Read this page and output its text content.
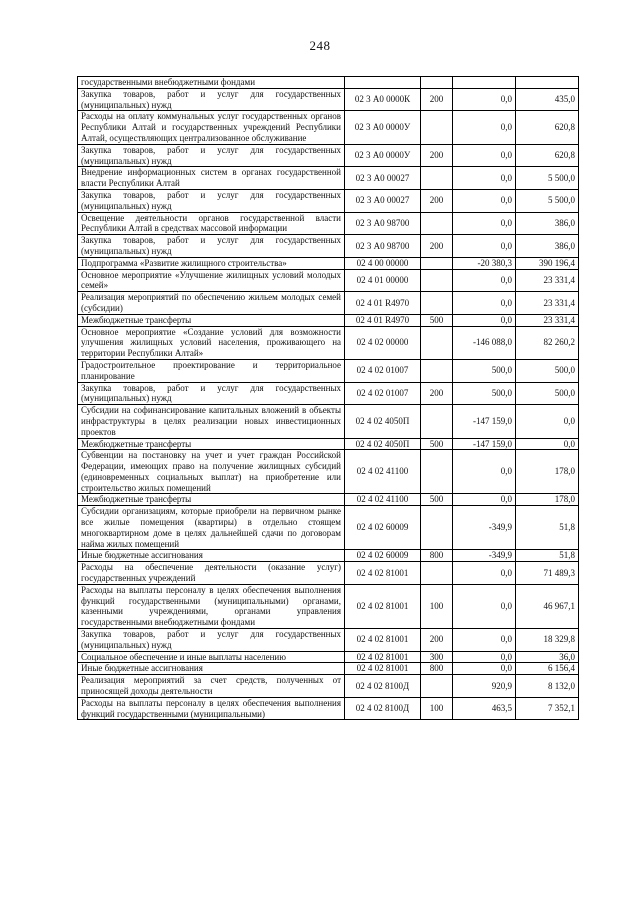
248
государственными внебюджетными фондами				
Закупка товаров, работ и услуг для государственных (муниципальных) нужд	02 3 А0 0000К	200	0,0	435,0
Расходы на оплату коммунальных услуг государственных органов Республики Алтай и государственных учреждений Республики Алтай, осуществляющих централизованное обслуживание	02 3 А0 0000У		0,0	620,8
Закупка товаров, работ и услуг для государственных (муниципальных) нужд	02 3 А0 0000У	200	0,0	620,8
Внедрение информационных систем в органах государственной власти Республики Алтай	02 3 А0 00027		0,0	5 500,0
Закупка товаров, работ и услуг для государственных (муниципальных) нужд	02 3 А0 00027	200	0,0	5 500,0
Освещение деятельности органов государственной власти Республики Алтай в средствах массовой информации	02 3 А0 98700		0,0	386,0
Закупка товаров, работ и услуг для государственных (муниципальных) нужд	02 3 А0 98700	200	0,0	386,0
Подпрограмма «Развитие жилищного строительства»	02 4 00 00000		-20 380,3	390 196,4
Основное мероприятие «Улучшение жилищных условий молодых семей»	02 4 01 00000		0,0	23 331,4
Реализация мероприятий по обеспечению жильем молодых семей (субсидии)	02 4 01 R4970		0,0	23 331,4
Межбюджетные трансферты	02 4 01 R4970	500	0,0	23 331,4
Основное мероприятие «Создание условий для возможности улучшения жилищных условий населения, проживающего на территории Республики Алтай»	02 4 02 00000		-146 088,0	82 260,2
Градостроительное проектирование и территориальное планирование	02 4 02 01007		500,0	500,0
Закупка товаров, работ и услуг для государственных (муниципальных) нужд	02 4 02 01007	200	500,0	500,0
Субсидии на софинансирование капитальных вложений в объекты инфраструктуры в целях реализации новых инвестиционных проектов	02 4 02 4050П		-147 159,0	0,0
Межбюджетные трансферты	02 4 02 4050П	500	-147 159,0	0,0
Субвенции на постановку на учет и учет граждан Российской Федерации, имеющих право на получение жилищных субсидий (единовременных социальных выплат) на приобретение или строительство жилых помещений	02 4 02 41100		0,0	178,0
Межбюджетные трансферты	02 4 02 41100	500	0,0	178,0
Субсидии организациям, которые приобрели на первичном рынке все жилые помещения (квартиры) в отдельно стоящем многоквартирном доме в целях дальнейшей сдачи по договорам найма жилых помещений	02 4 02 60009		-349,9	51,8
Иные бюджетные ассигнования	02 4 02 60009	800	-349,9	51,8
Расходы на обеспечение деятельности (оказание услуг) государственных учреждений	02 4 02 81001		0,0	71 489,3
Расходы на выплаты персоналу в целях обеспечения выполнения функций государственными (муниципальными) органами, казенными учреждениями, органами управления государственными внебюджетными фондами	02 4 02 81001	100	0,0	46 967,1
Закупка товаров, работ и услуг для государственных (муниципальных) нужд	02 4 02 81001	200	0,0	18 329,8
Социальное обеспечение и иные выплаты населению	02 4 02 81001	300	0,0	36,0
Иные бюджетные ассигнования	02 4 02 81001	800	0,0	6 156,4
Реализация мероприятий за счет средств, полученных от приносящей доходы деятельности	02 4 02 8100Д		920,9	8 132,0
Расходы на выплаты персоналу в целях обеспечения выполнения функций государственными (муниципальными)	02 4 02 8100Д	100	463,5	7 352,1
